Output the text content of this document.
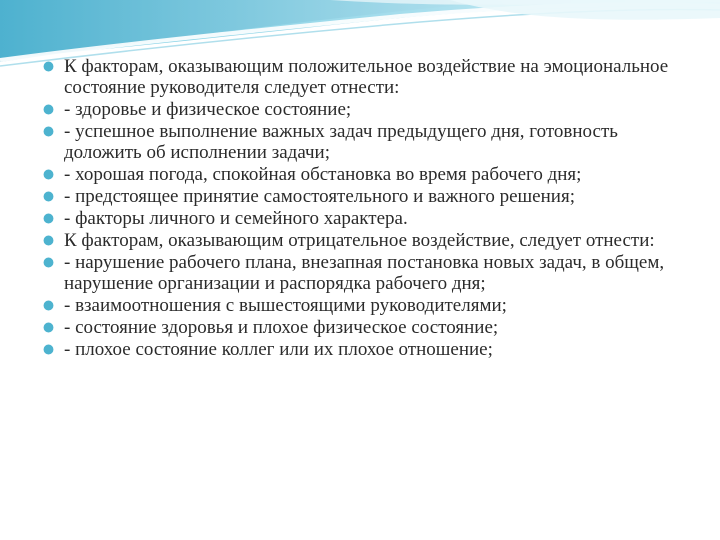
К факторам, оказывающим положительное воздействие на эмоциональное состояние руководителя следует отнести:
- здоровье и физическое состояние;
- успешное выполнение важных задач предыдущего дня, готовность доложить об исполнении задачи;
- хорошая погода, спокойная обстановка во время рабочего дня;
- предстоящее принятие самостоятельного и важного решения;
- факторы личного и семейного характера.
К факторам, оказывающим отрицательное воздействие, следует отнести:
- нарушение рабочего плана, внезапная постановка новых задач, в общем, нарушение организации и распорядка рабочего дня;
- взаимоотношения с вышестоящими руководителями;
- состояние здоровья и плохое физическое состояние;
- плохое состояние коллег или их плохое отношение;
